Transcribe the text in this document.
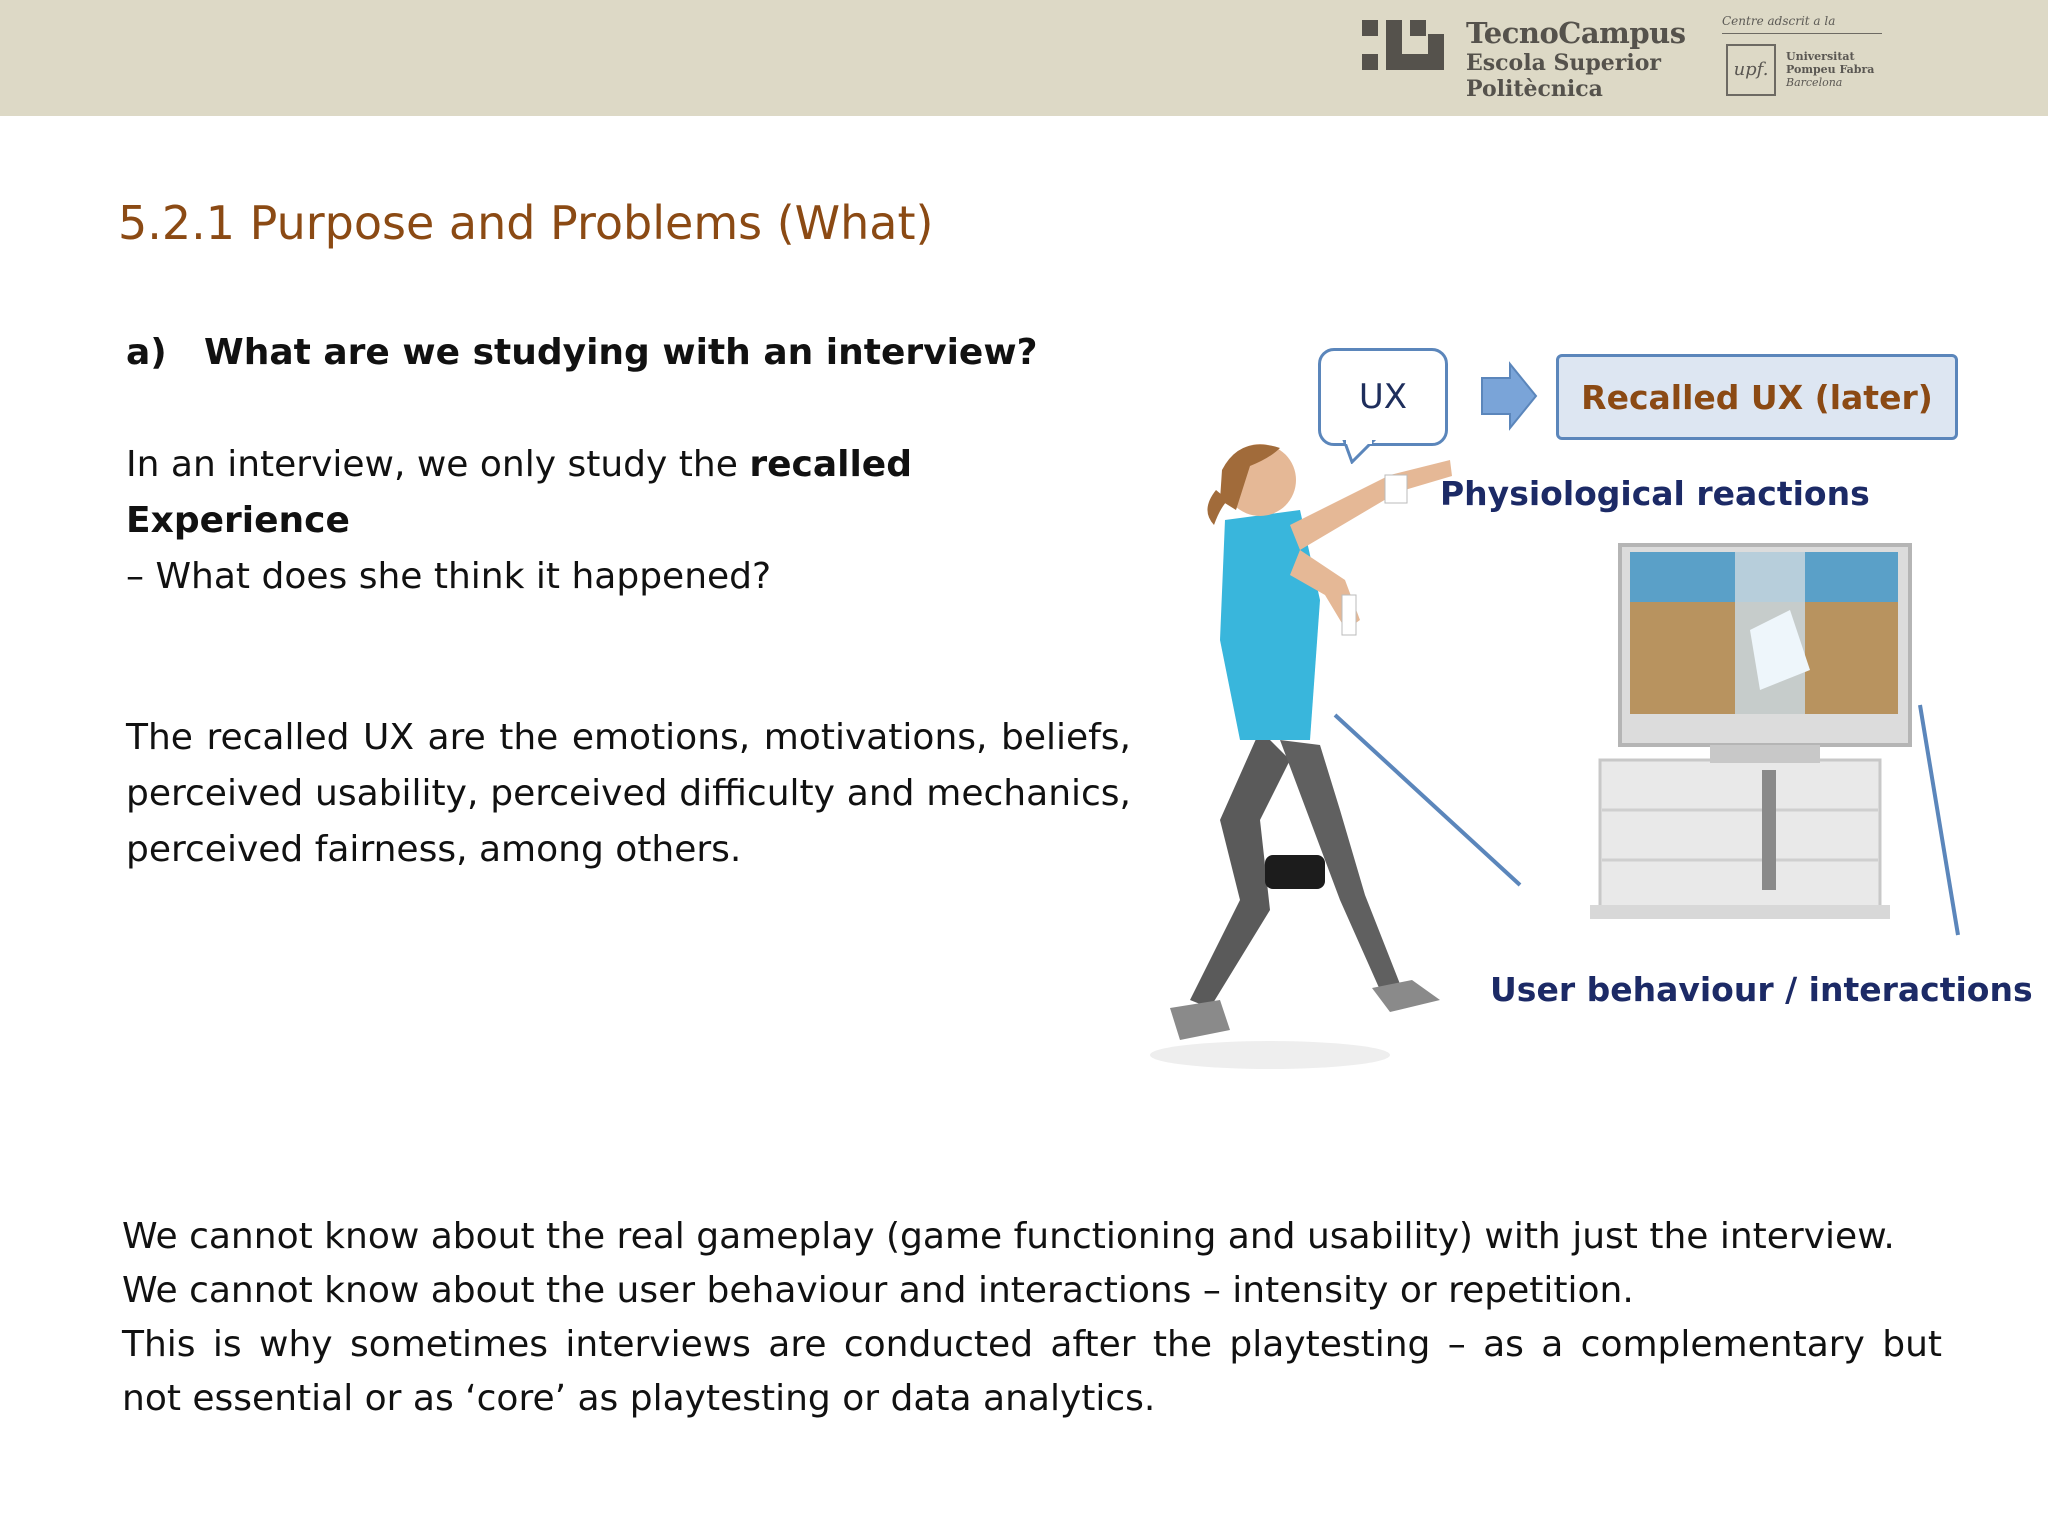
TecnoCampus
Escola Superior
Politècnica
Centre adscrit a la
upf.
Universitat
Pompeu Fabra
Barcelona
5.2.1 Purpose and Problems (What)
a) What are we studying with an interview?
In an interview, we only study the recalled Experience
– What does she think it happened?
The recalled UX are the emotions, motivations, beliefs, perceived usability, perceived difficulty and mechanics, perceived fairness, among others.
UX	Recalled UX (later)
Physiological reactions
User behaviour / interactions
We cannot know about the real gameplay (game functioning and usability) with just the interview.
We cannot know about the user behaviour and interactions – intensity or repetition.
This is why sometimes interviews are conducted after the playtesting – as a complementary but
not essential or as ‘core’ as playtesting or data analytics.
